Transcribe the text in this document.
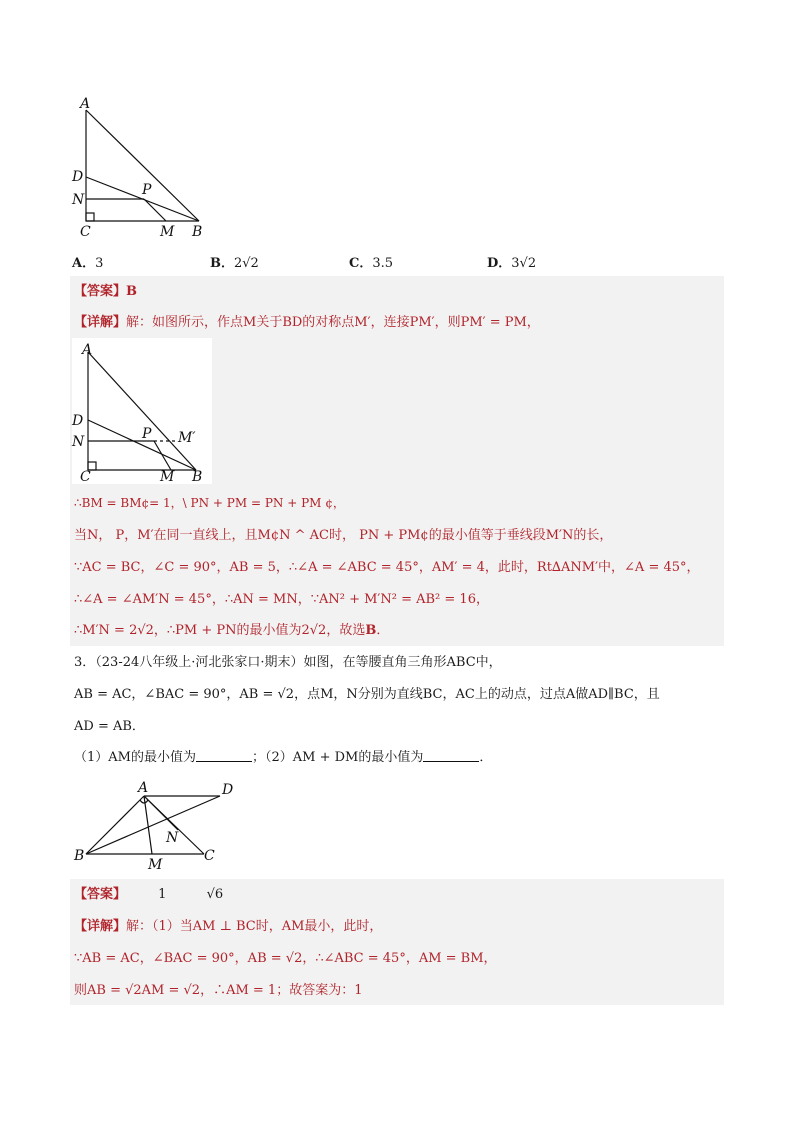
A
D
N
P
C	M B
A．3	B．2√2	C．3.5	D．3√2
【答案】B
【详解】解：如图所示，作点M关于BD的对称点M′，连接PM′，则PM′ = PM，
A
D
N	P M′
C	M B
∴BM = BM¢= 1，\ PN + PM = PN + PM ¢，
当N， P，M′在同一直线上，且M¢N ^ AC时， PN + PM¢的最小值等于垂线段M′N的长，
∵AC = BC，∠C = 90°，AB = 5，∴∠A = ∠ABC = 45°，AM′ = 4，此时，Rt∆ANM′中，∠A = 45°，
∴∠A = ∠AM′N = 45°，∴AN = MN，∵AN² + M′N² = AB² = 16，
∴M′N = 2√2，∴PM + PN的最小值为2√2，故选B．
3．（23-24八年级上·河北张家口·期末）如图，在等腰直角三角形ABC中，
AB = AC，∠BAC = 90°，AB = √2，点M，N分别为直线BC，AC上的动点，过点A做AD∥BC，且
AD = AB．
（1）AM的最小值为	；（2）AM + DM的最小值为	．
A	D
N
B
M
C
【答案】 1	√6
【详解】解：（1）当AM ⊥ BC时，AM最小，此时，
∵AB = AC，∠BAC = 90°，AB = √2，∴∠ABC = 45°，AM = BM，
则AB = √2AM = √2，∴AM = 1；故答案为：1
